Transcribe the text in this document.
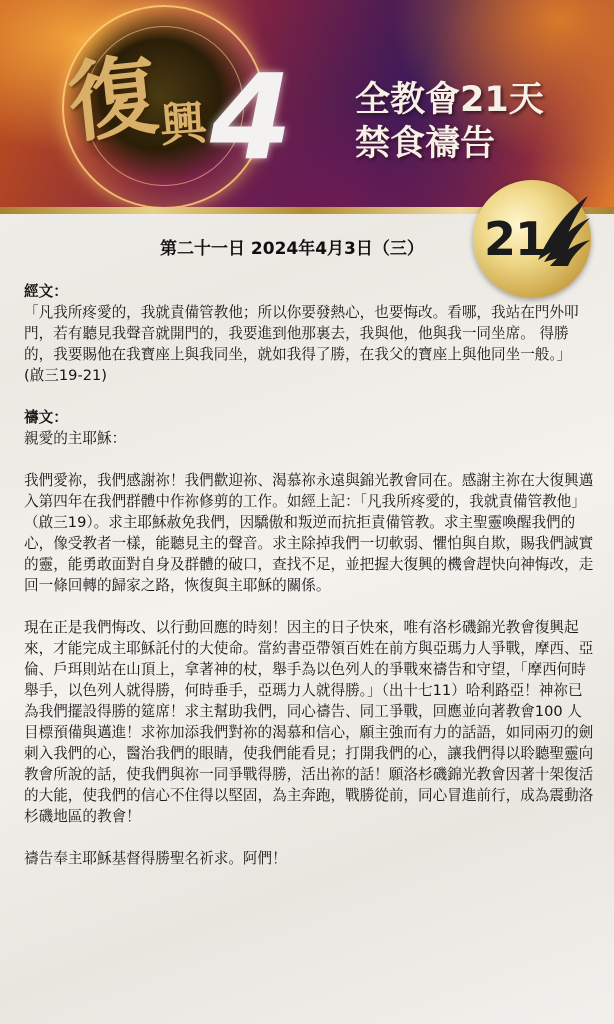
復
興 4 全教會21天
禁食禱告
21
第二十一日 2024年4月3日（三）

經文：

「凡我所疼愛的，我就責備管教他；所以你要發熱心，也要悔改。看哪，我站在門外叩門，若有聽見我聲音就開門的，我要進到他那裏去，我與他，他與我一同坐席。 得勝的，我要賜他在我寶座上與我同坐，就如我得了勝，在我父的寶座上與他同坐一般。」

(啟三19-21)

禱文：

親愛的主耶穌：

我們愛祢，我們感謝祢！我們歡迎祢、渴慕祢永遠與錦光教會同在。感謝主祢在大復興邁入第四年在我們群體中作祢修剪的工作。如經上記：「凡我所疼愛的，我就責備管教他」（啟三19）。求主耶穌赦免我們，因驕傲和叛逆而抗拒責備管教。求主聖靈喚醒我們的心，像受教者一樣，能聽見主的聲音。求主除掉我們一切軟弱、懼怕與自欺，賜我們誠實的靈，能勇敢面對自身及群體的破口，查找不足，並把握大復興的機會趕快向神悔改，走回一條回轉的歸家之路，恢復與主耶穌的關係。

現在正是我們悔改、以行動回應的時刻！因主的日子快來，唯有洛杉磯錦光教會復興起來，才能完成主耶穌託付的大使命。當約書亞帶領百姓在前方與亞瑪力人爭戰，摩西、亞倫、戶珥則站在山頂上，拿著神的杖，舉手為以色列人的爭戰來禱告和守望，「摩西何時舉手，以色列人就得勝，何時垂手，亞瑪力人就得勝。」（出十七11）哈利路亞！神祢已為我們擺設得勝的筵席！求主幫助我們，同心禱告、同工爭戰，回應並向著教會100 人目標預備與邁進！求祢加添我們對祢的渴慕和信心，願主強而有力的話語，如同兩刃的劍刺入我們的心，醫治我們的眼睛，使我們能看見；打開我們的心，讓我們得以聆聽聖靈向教會所說的話，使我們與祢一同爭戰得勝，活出祢的話！願洛杉磯錦光教會因著十架復活的大能，使我們的信心不住得以堅固，為主奔跑，戰勝從前，同心冒進前行，成為震動洛杉磯地區的教會！

禱告奉主耶穌基督得勝聖名祈求。阿們！
